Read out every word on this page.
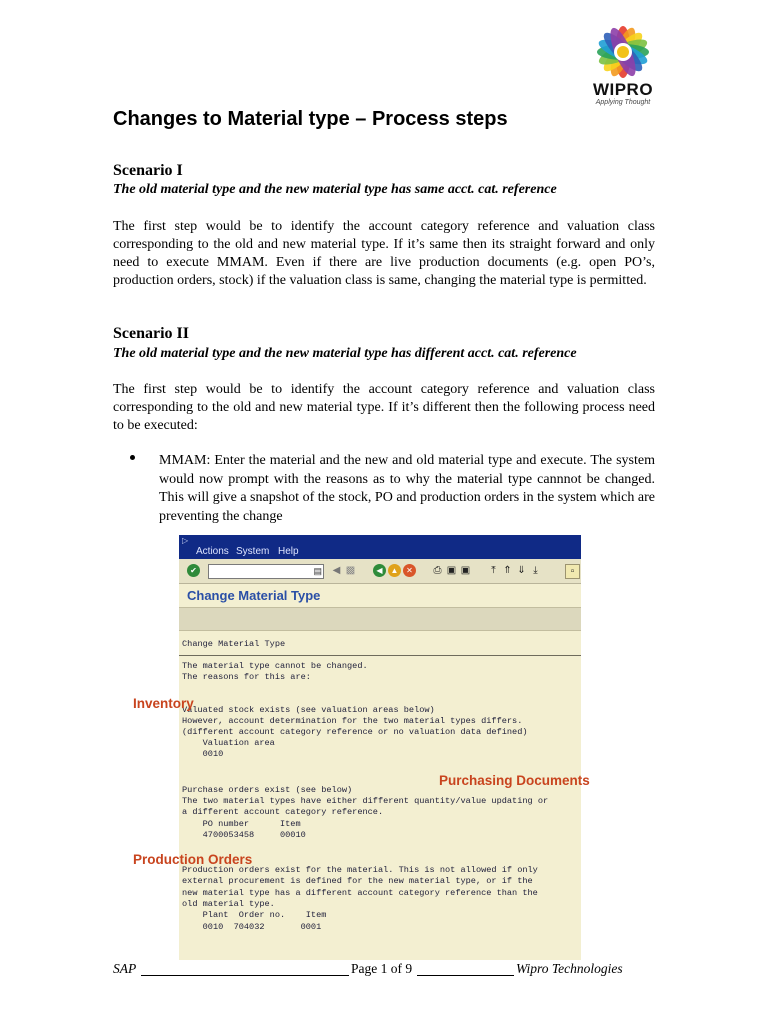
WIPRO
Applying Thought
Changes to Material type – Process steps
Scenario I
The old material type and the new material type has same acct. cat. reference

The first step would be to identify the account category reference and valuation class corresponding to the old and new material type. If it’s same then its straight forward and only need to execute MMAM. Even if there are live production documents (e.g. open PO’s, production orders, stock) if the valuation class is same, changing the material type is permitted.

Scenario II
The old material type and the new material type has different acct. cat. reference

The first step would be to identify the account category reference and valuation class corresponding to the old and new material type. If it’s different then the following process need to be executed:

MMAM: Enter the material and the new and old material type and execute. The system would now prompt with the reasons as to why the material type cannnot be changed. This will give a snapshot of the stock, PO and production orders in the system which are preventing the change

▷
Actions System Help
✔	▤ ◀ ▩	◀ ▲ ✕	⎙ ▣ ▣	⤒ ⇑ ⇓ ⤓	▫
Change Material Type
Change Material Type
The material type cannot be changed.
The reasons for this are:
Valuated stock exists (see valuation areas below)
However, account determination for the two material types differs.
(different account category reference or no valuation data defined)
Valuation area
0010
Purchase orders exist (see below)
The two material types have either different quantity/value updating or
a different account category reference.
PO number      Item
4700053458     00010
Production orders exist for the material. This is not allowed if only
external procurement is defined for the new material type, or if the
new material type has a different account category reference than the
old material type.
Plant  Order no.    Item
0010  704032       0001
Inventory
Purchasing Documents
Production Orders
SAP	Page 1 of 9	Wipro Technologies
